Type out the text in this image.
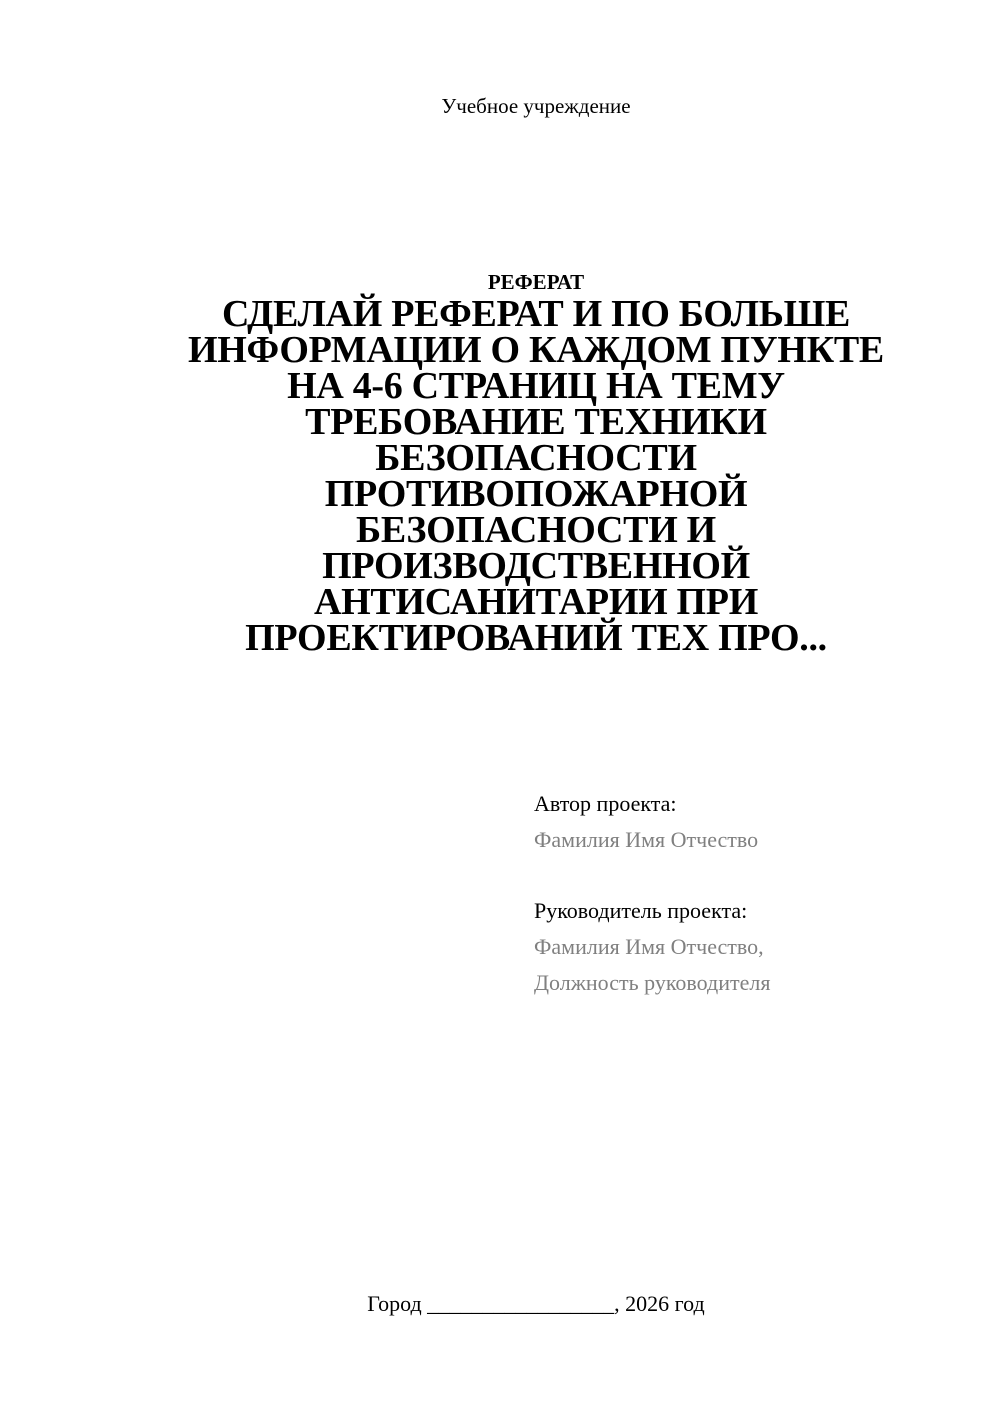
Учебное учреждение
РЕФЕРАТ
СДЕЛАЙ РЕФЕРАТ И ПО БОЛЬШЕ
ИНФОРМАЦИИ О КАЖДОМ ПУНКТЕ
НА 4-6 СТРАНИЦ НА ТЕМУ
ТРЕБОВАНИЕ ТЕХНИКИ
БЕЗОПАСНОСТИ
ПРОТИВОПОЖАРНОЙ
БЕЗОПАСНОСТИ И
ПРОИЗВОДСТВЕННОЙ
АНТИСАНИТАРИИ ПРИ
ПРОЕКТИРОВАНИЙ ТЕХ ПРО...
Автор проекта:
Фамилия Имя Отчество
Руководитель проекта:
Фамилия Имя Отчество,
Должность руководителя
Город _________________, 2026 год
